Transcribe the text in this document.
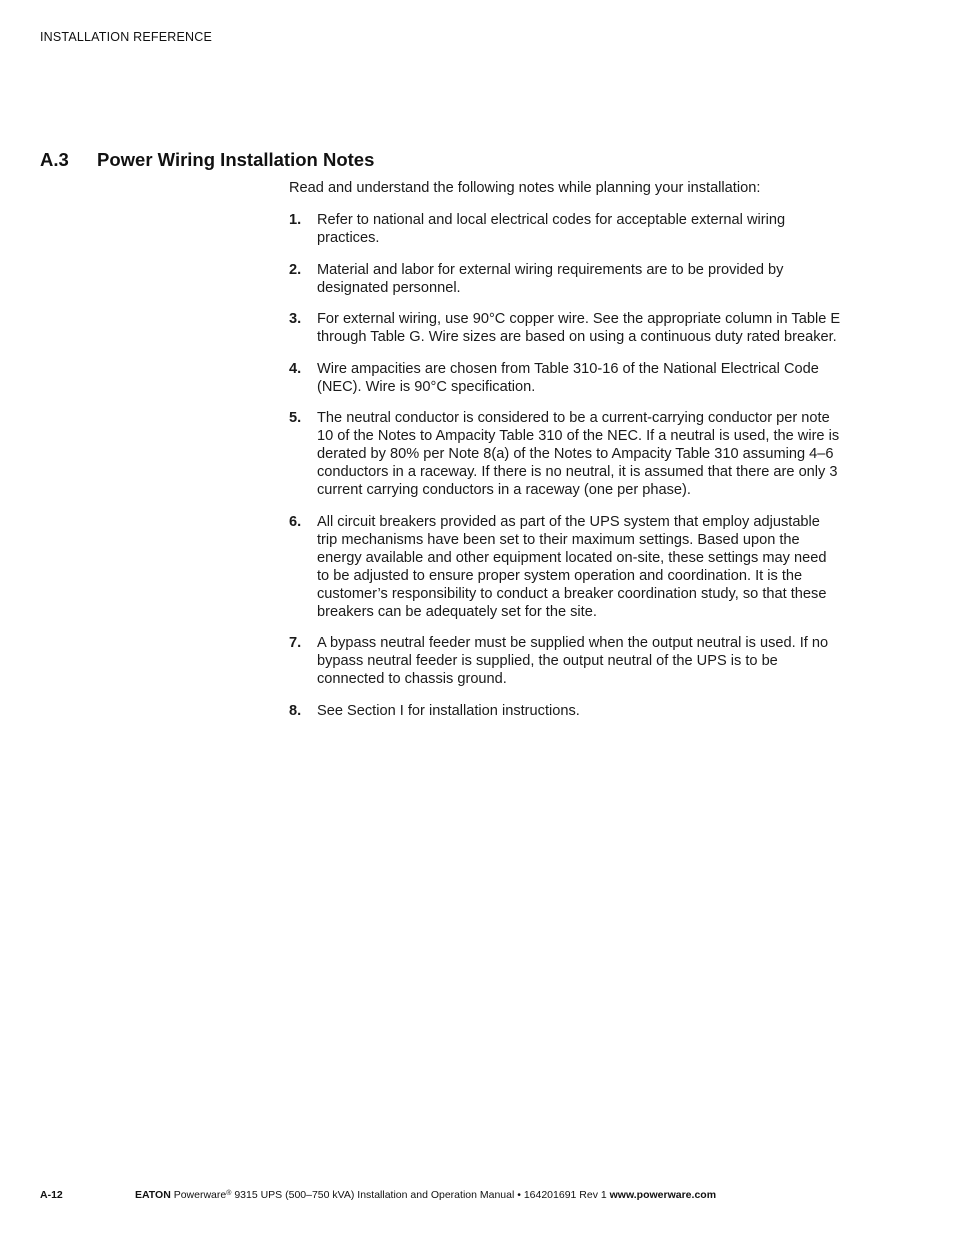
INSTALLATION REFERENCE
A.3 Power Wiring Installation Notes

Read and understand the following notes while planning your installation:

1. Refer to national and local electrical codes for acceptable external wiring practices.
2. Material and labor for external wiring requirements are to be provided by designated personnel.
3. For external wiring, use 90°C copper wire. See the appropriate column in Table E through Table G. Wire sizes are based on using a continuous duty rated breaker.
4. Wire ampacities are chosen from Table 310-16 of the National Electrical Code (NEC). Wire is 90°C specification.
5. The neutral conductor is considered to be a current-carrying conductor per note 10 of the Notes to Ampacity Table 310 of the NEC. If a neutral is used, the wire is derated by 80% per Note 8(a) of the Notes to Ampacity Table 310 assuming 4–6 conductors in a raceway. If there is no neutral, it is assumed that there are only 3 current carrying conductors in a raceway (one per phase).
6. All circuit breakers provided as part of the UPS system that employ adjustable trip mechanisms have been set to their maximum settings. Based upon the energy available and other equipment located on-site, these settings may need to be adjusted to ensure proper system operation and coordination. It is the customer’s responsibility to conduct a breaker coordination study, so that these breakers can be adequately set for the site.
7. A bypass neutral feeder must be supplied when the output neutral is used. If no bypass neutral feeder is supplied, the output neutral of the UPS is to be connected to chassis ground.
8. See Section I for installation instructions.
A-12	EATON Powerware® 9315 UPS (500–750 kVA) Installation and Operation Manual • 164201691 Rev 1 www.powerware.com
